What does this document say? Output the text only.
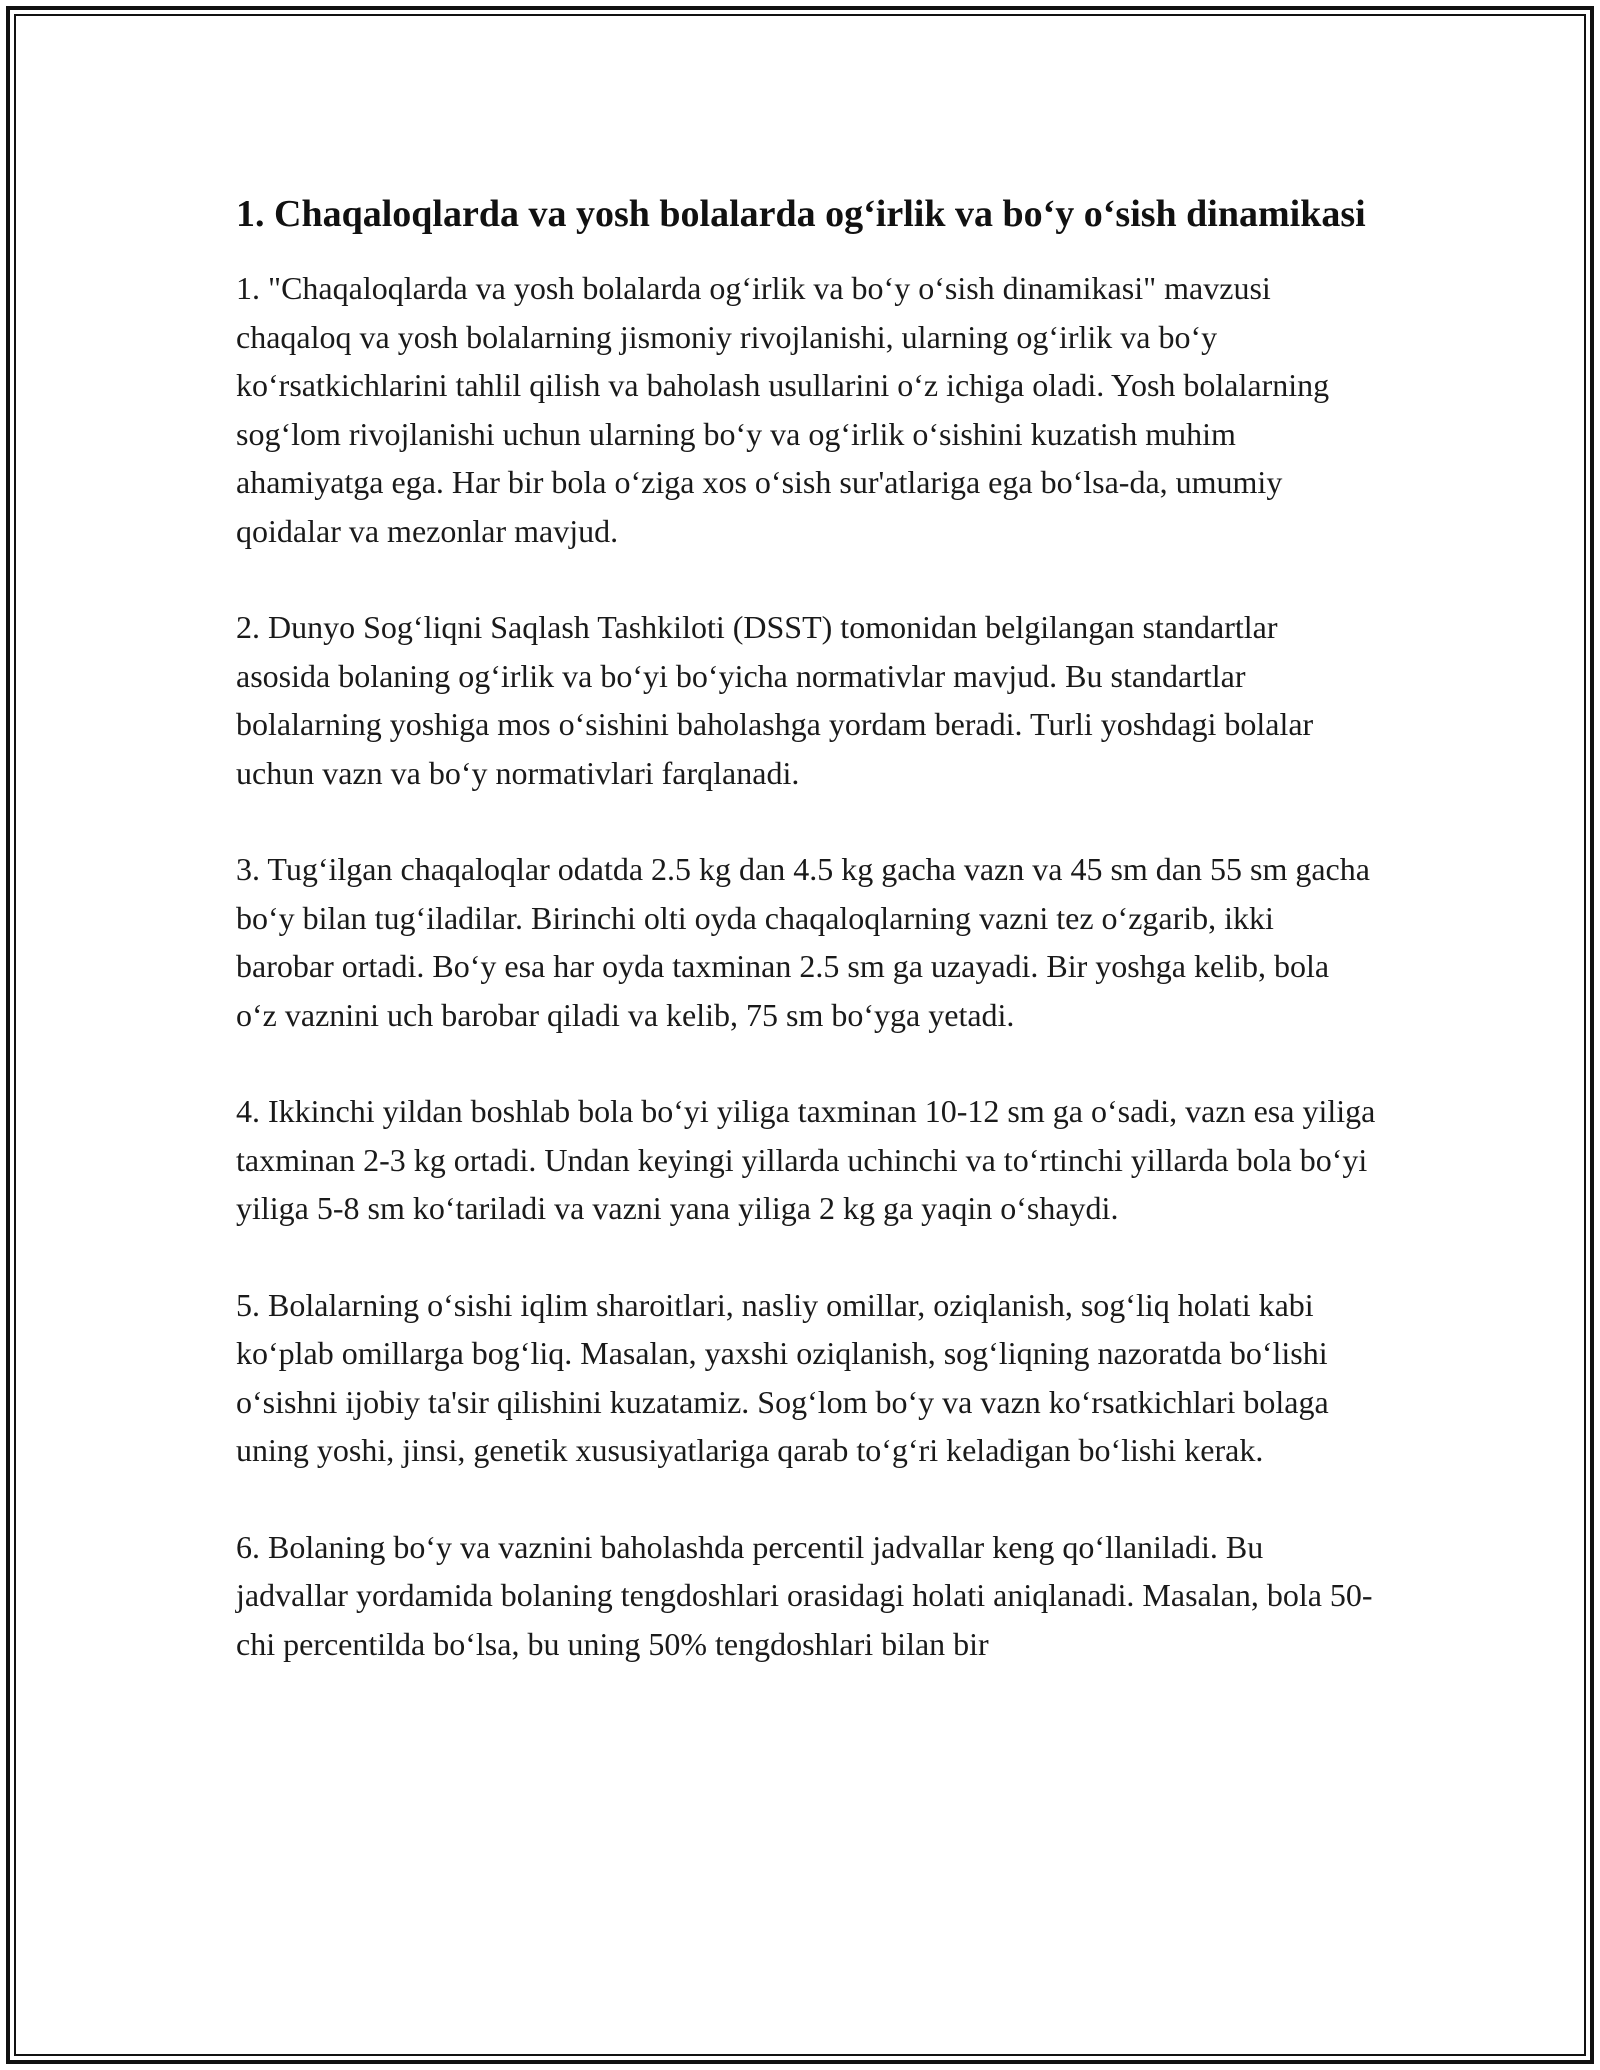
1. Chaqaloqlarda va yosh bolalarda og‘irlik va bo‘y o‘sish dinamikasi

1. "Chaqaloqlarda va yosh bolalarda og‘irlik va bo‘y o‘sish dinamikasi" mavzusi chaqaloq va yosh bolalarning jismoniy rivojlanishi, ularning og‘irlik va bo‘y ko‘rsatkichlarini tahlil qilish va baholash usullarini o‘z ichiga oladi. Yosh bolalarning sog‘lom rivojlanishi uchun ularning bo‘y va og‘irlik o‘sishini kuzatish muhim ahamiyatga ega. Har bir bola o‘ziga xos o‘sish sur'atlariga ega bo‘lsa-da, umumiy qoidalar va mezonlar mavjud.

2. Dunyo Sog‘liqni Saqlash Tashkiloti (DSST) tomonidan belgilangan standartlar asosida bolaning og‘irlik va bo‘yi bo‘yicha normativlar mavjud. Bu standartlar bolalarning yoshiga mos o‘sishini baholashga yordam beradi. Turli yoshdagi bolalar uchun vazn va bo‘y normativlari farqlanadi.

3. Tug‘ilgan chaqaloqlar odatda 2.5 kg dan 4.5 kg gacha vazn va 45 sm dan 55 sm gacha bo‘y bilan tug‘iladilar. Birinchi olti oyda chaqaloqlarning vazni tez o‘zgarib, ikki barobar ortadi. Bo‘y esa har oyda taxminan 2.5 sm ga uzayadi. Bir yoshga kelib, bola o‘z vaznini uch barobar qiladi va kelib, 75 sm bo‘yga yetadi.

4. Ikkinchi yildan boshlab bola bo‘yi yiliga taxminan 10-12 sm ga o‘sadi, vazn esa yiliga taxminan 2-3 kg ortadi. Undan keyingi yillarda uchinchi va to‘rtinchi yillarda bola bo‘yi yiliga 5-8 sm ko‘tariladi va vazni yana yiliga 2 kg ga yaqin o‘shaydi.

5. Bolalarning o‘sishi iqlim sharoitlari, nasliy omillar, oziqlanish, sog‘liq holati kabi ko‘plab omillarga bog‘liq. Masalan, yaxshi oziqlanish, sog‘liqning nazoratda bo‘lishi o‘sishni ijobiy ta'sir qilishini kuzatamiz. Sog‘lom bo‘y va vazn ko‘rsatkichlari bolaga uning yoshi, jinsi, genetik xususiyatlariga qarab to‘g‘ri keladigan bo‘lishi kerak.

6. Bolaning bo‘y va vaznini baholashda percentil jadvallar keng qo‘llaniladi. Bu jadvallar yordamida bolaning tengdoshlari orasidagi holati aniqlanadi. Masalan, bola 50-chi percentilda bo‘lsa, bu uning 50% tengdoshlari bilan bir
